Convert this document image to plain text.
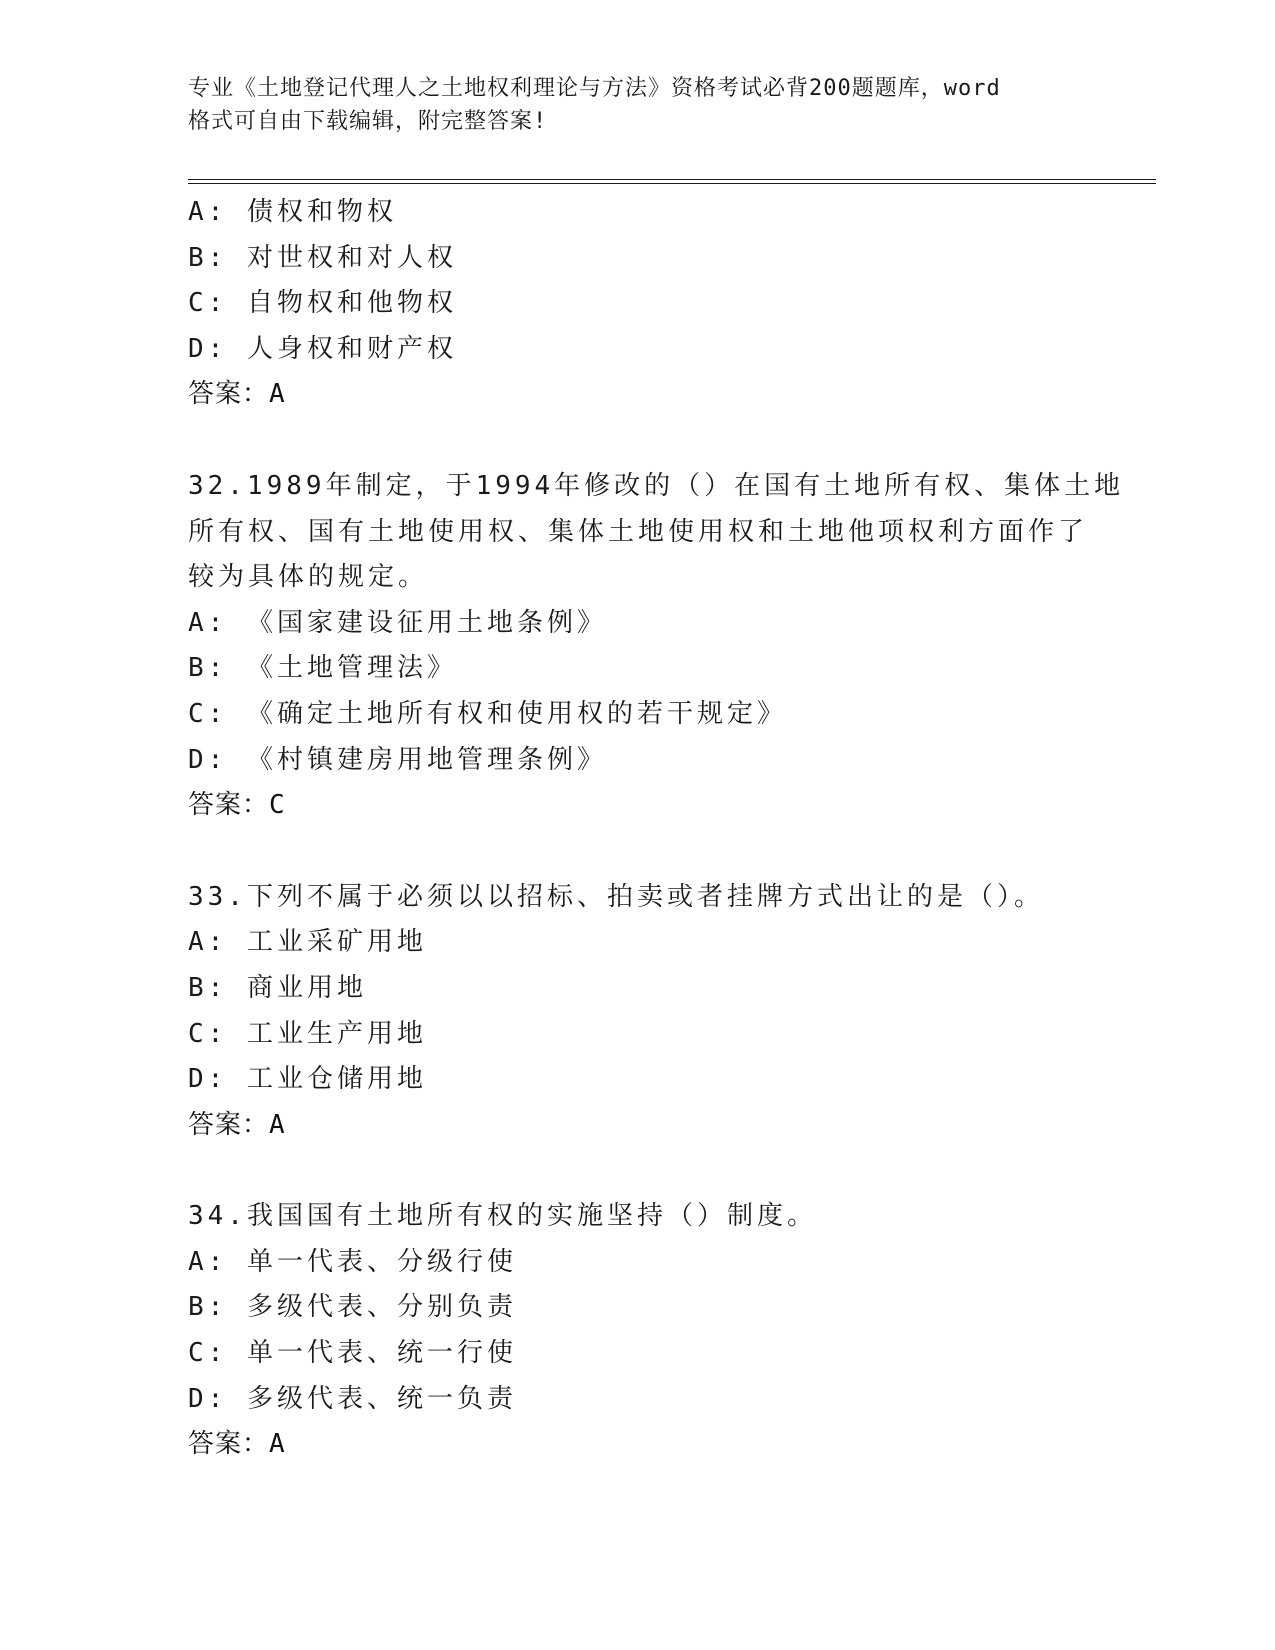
专业《土地登记代理人之土地权利理论与方法》资格考试必背200题题库，word
格式可自由下载编辑，附完整答案!
A: 债权和物权
B: 对世权和对人权
C: 自物权和他物权
D: 人身权和财产权
答案：A
32.1989年制定，于1994年修改的（）在国有土地所有权、集体土地
所有权、国有土地使用权、集体土地使用权和土地他项权利方面作了
较为具体的规定。
A: 《国家建设征用土地条例》
B: 《土地管理法》
C: 《确定土地所有权和使用权的若干规定》
D: 《村镇建房用地管理条例》
答案：C
33.下列不属于必须以以招标、拍卖或者挂牌方式出让的是（）。
A: 工业采矿用地
B: 商业用地
C: 工业生产用地
D: 工业仓储用地
答案：A
34.我国国有土地所有权的实施坚持（）制度。
A: 单一代表、分级行使
B: 多级代表、分别负责
C: 单一代表、统一行使
D: 多级代表、统一负责
答案：A
